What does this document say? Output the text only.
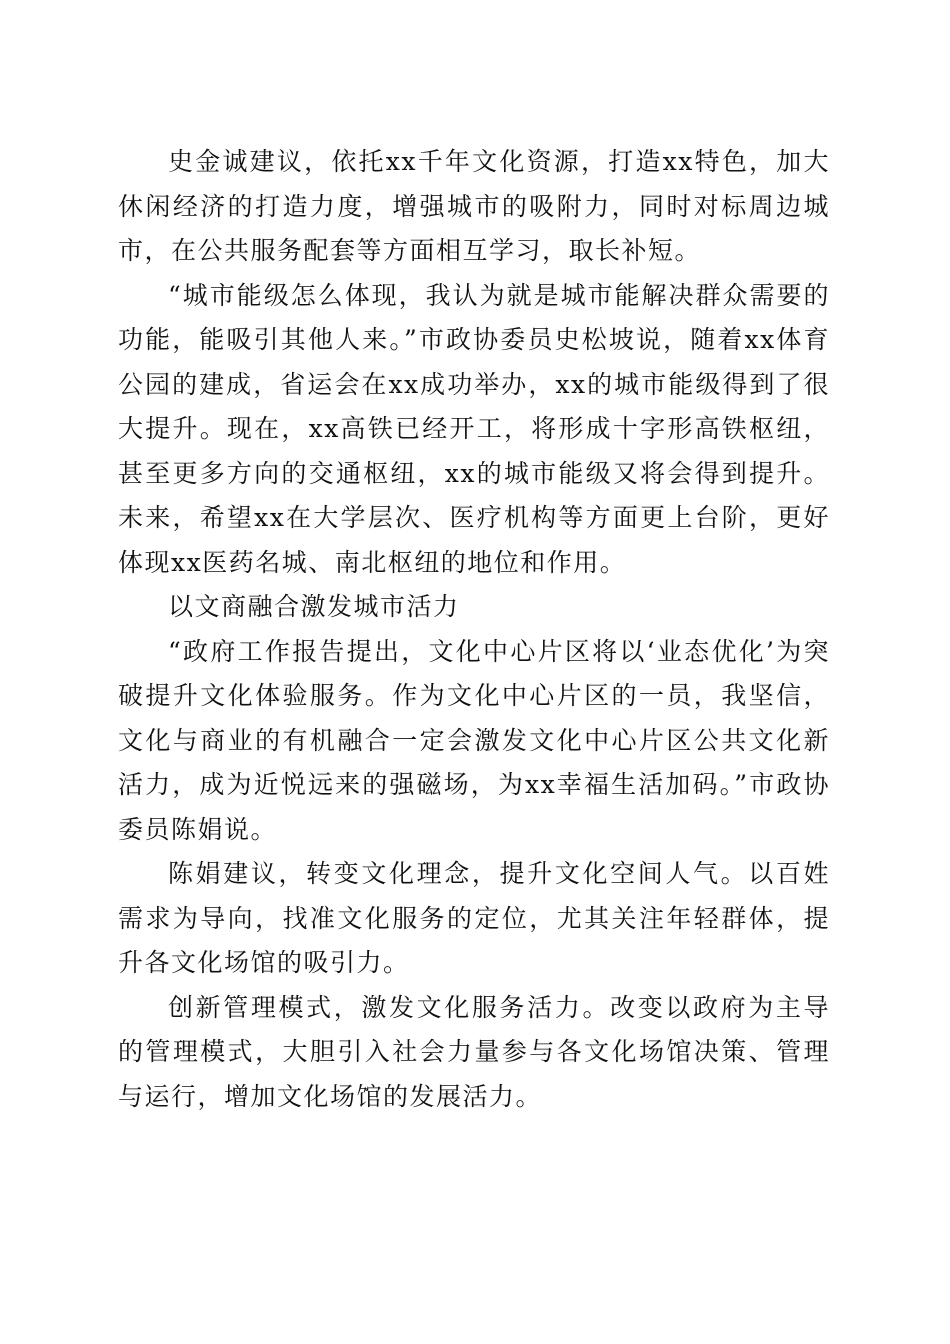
史金诚建议，依托xx千年文化资源，打造xx特色，加大休闲经济的打造力度，增强城市的吸附力，同时对标周边城市，在公共服务配套等方面相互学习，取长补短。

“城市能级怎么体现，我认为就是城市能解决群众需要的功能，能吸引其他人来。”市政协委员史松坡说，随着xx体育公园的建成，省运会在xx成功举办，xx的城市能级得到了很大提升。现在，xx高铁已经开工，将形成十字形高铁枢纽，甚至更多方向的交通枢纽，xx的城市能级又将会得到提升。未来，希望xx在大学层次、医疗机构等方面更上台阶，更好体现xx医药名城、南北枢纽的地位和作用。

以文商融合激发城市活力

“政府工作报告提出，文化中心片区将以‘业态优化’为突破提升文化体验服务。作为文化中心片区的一员，我坚信，文化与商业的有机融合一定会激发文化中心片区公共文化新活力，成为近悦远来的强磁场，为xx幸福生活加码。”市政协委员陈娟说。

陈娟建议，转变文化理念，提升文化空间人气。以百姓需求为导向，找准文化服务的定位，尤其关注年轻群体，提升各文化场馆的吸引力。

创新管理模式，激发文化服务活力。改变以政府为主导的管理模式，大胆引入社会力量参与各文化场馆决策、管理与运行，增加文化场馆的发展活力。
